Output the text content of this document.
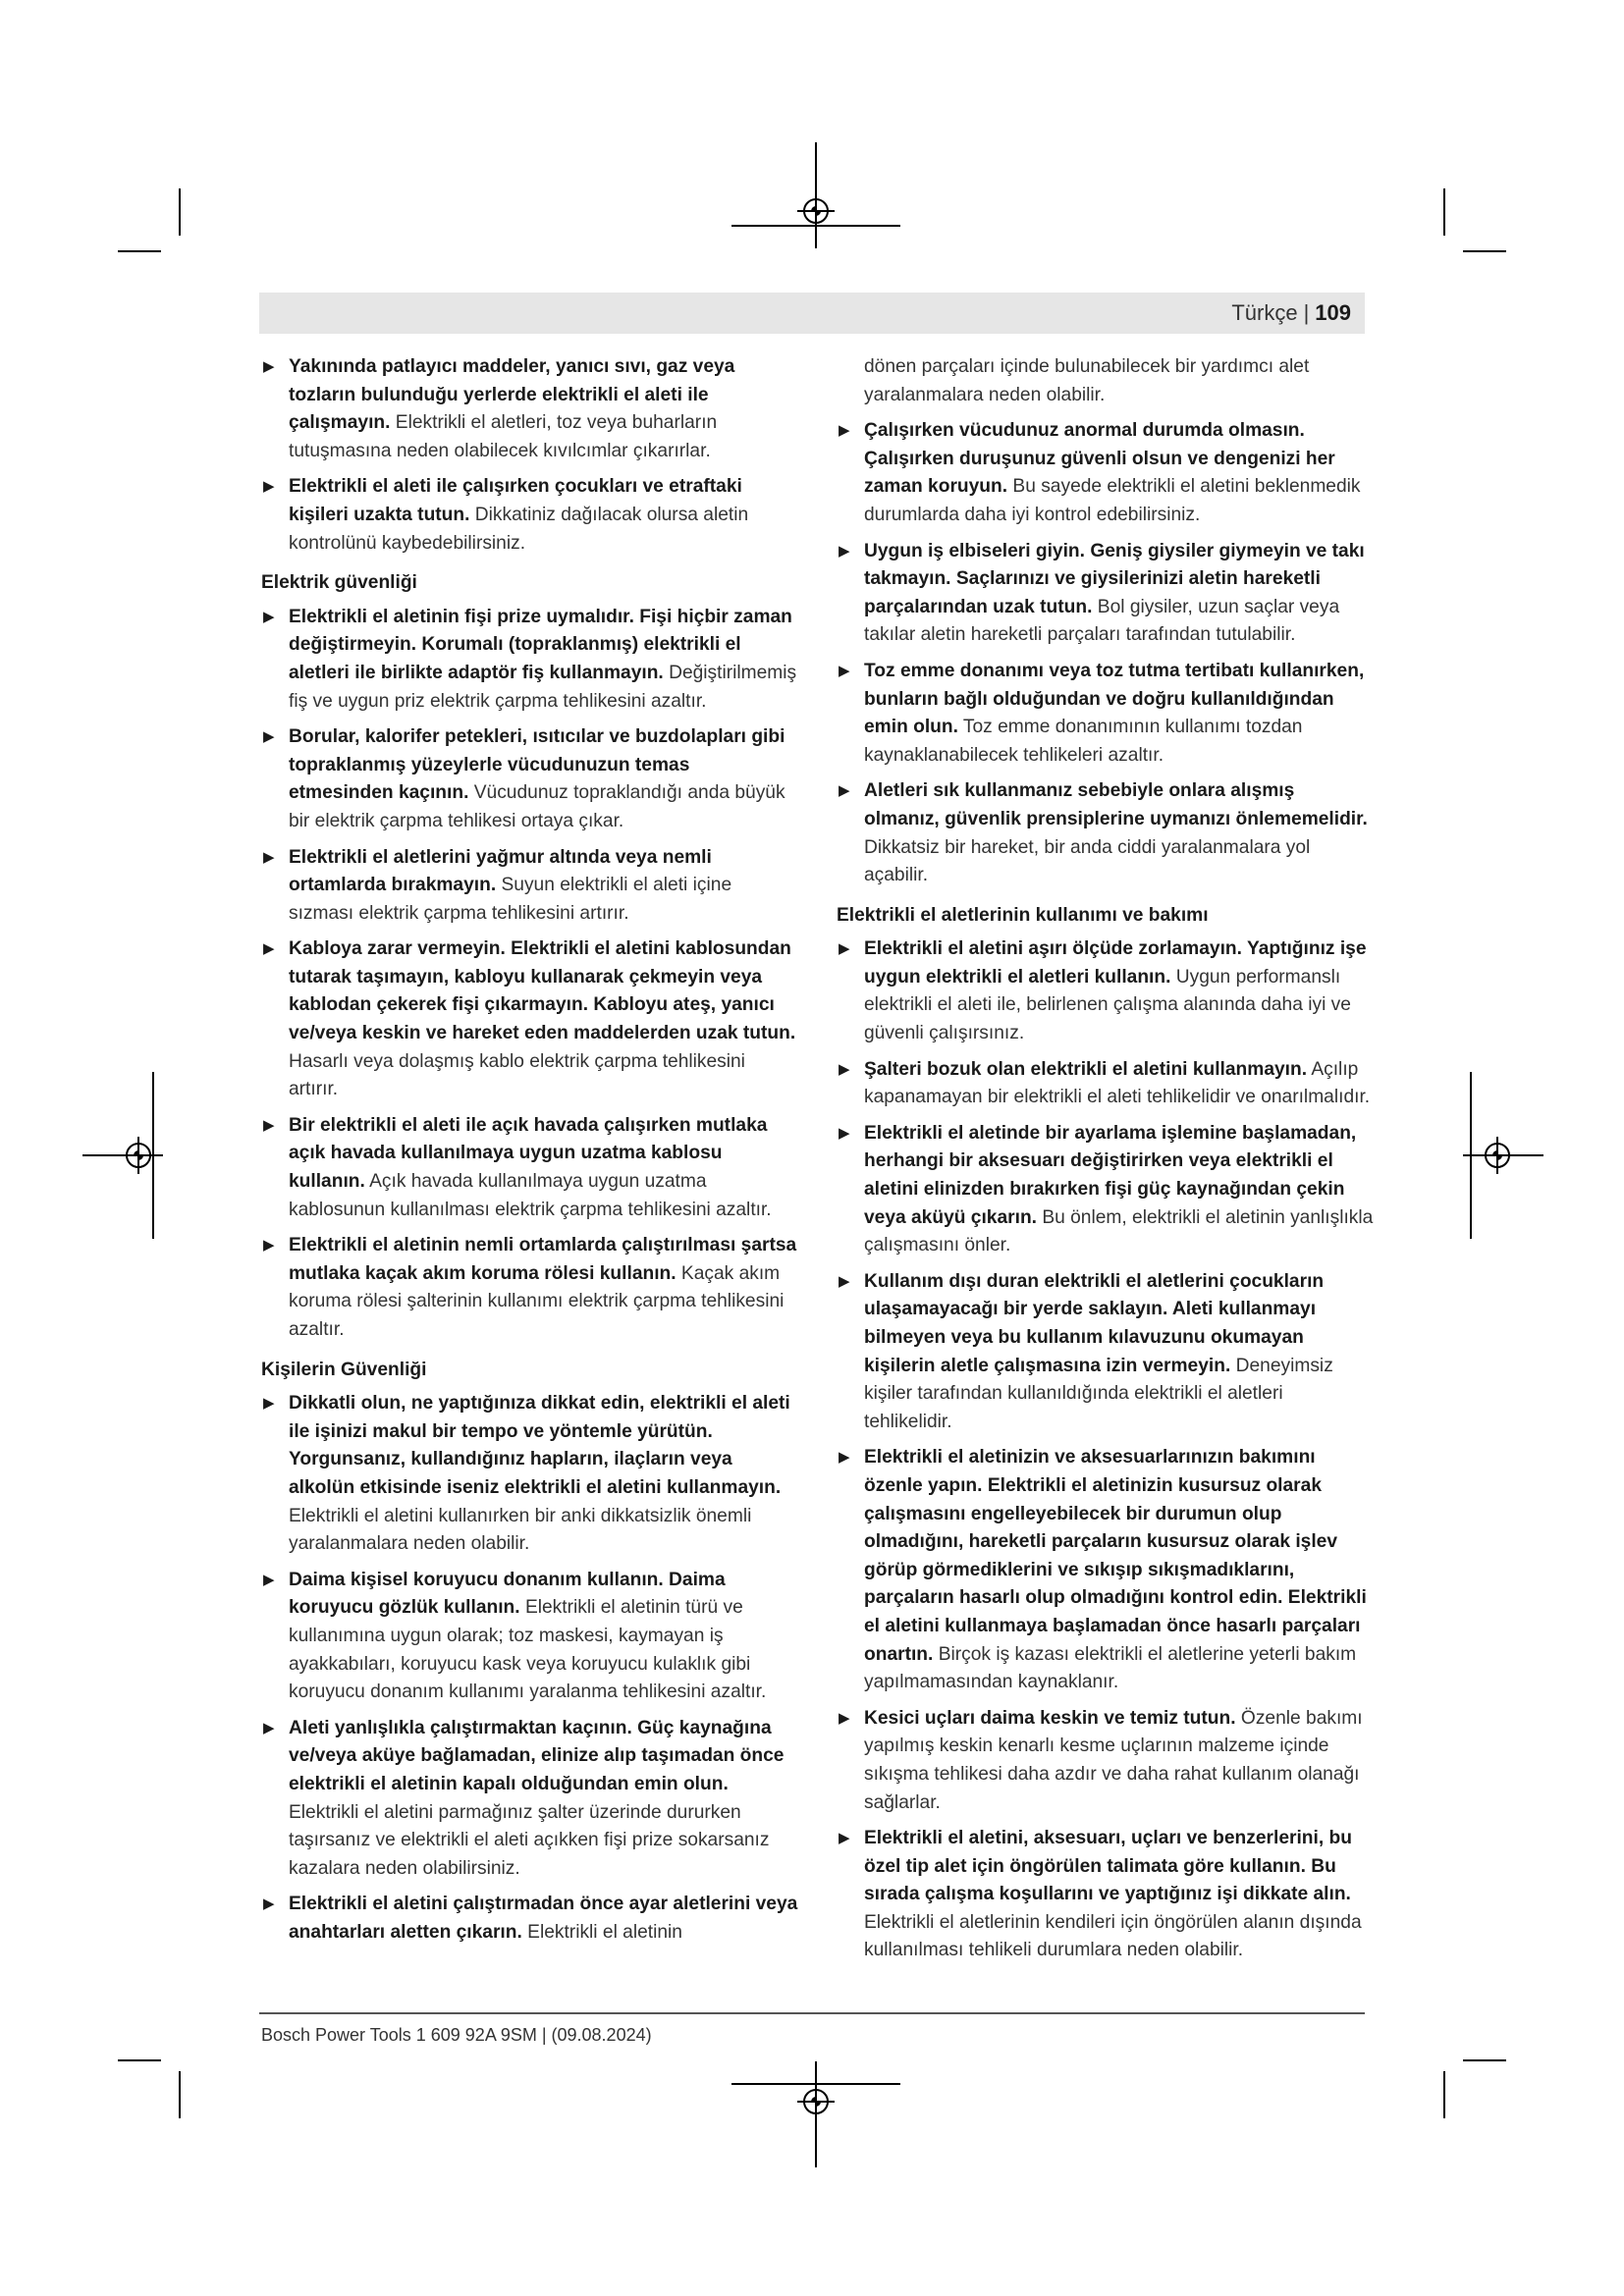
Türkçe | 109
▶ Yakınında patlayıcı maddeler, yanıcı sıvı, gaz veya tozların bulunduğu yerlerde elektrikli el aleti ile çalışmayın. Elektrikli el aletleri, toz veya buharların tutuşmasına neden olabilecek kıvılcımlar çıkarırlar.
▶ Elektrikli el aleti ile çalışırken çocukları ve etraftaki kişileri uzakta tutun. Dikkatiniz dağılacak olursa aletin kontrolünü kaybedebilirsiniz.
Elektrik güvenliği
▶ Elektrikli el aletinin fişi prize uymalıdır. Fişi hiçbir zaman değiştirmeyin. Korumalı (topraklanmış) elektrikli el aletleri ile birlikte adaptör fiş kullanmayın. Değiştirilmemiş fiş ve uygun priz elektrik çarpma tehlikesini azaltır.
▶ Borular, kalorifer petekleri, ısıtıcılar ve buzdolapları gibi topraklanmış yüzeylerle vücudunuzun temas etmesinden kaçının. Vücudunuz topraklandığı anda büyük bir elektrik çarpma tehlikesi ortaya çıkar.
▶ Elektrikli el aletlerini yağmur altında veya nemli ortamlarda bırakmayın. Suyun elektrikli el aleti içine sızması elektrik çarpma tehlikesini artırır.
▶ Kabloya zarar vermeyin. Elektrikli el aletini kablosundan tutarak taşımayın, kabloyu kullanarak çekmeyin veya kablodan çekerek fişi çıkarmayın. Kabloyu ateş, yanıcı ve/veya keskin ve hareket eden maddelerden uzak tutun. Hasarlı veya dolaşmış kablo elektrik çarpma tehlikesini artırır.
▶ Bir elektrikli el aleti ile açık havada çalışırken mutlaka açık havada kullanılmaya uygun uzatma kablosu kullanın. Açık havada kullanılmaya uygun uzatma kablosunun kullanılması elektrik çarpma tehlikesini azaltır.
▶ Elektrikli el aletinin nemli ortamlarda çalıştırılması şartsa mutlaka kaçak akım koruma rölesi kullanın. Kaçak akım koruma rölesi şalterinin kullanımı elektrik çarpma tehlikesini azaltır.
Kişilerin Güvenliği
▶ Dikkatli olun, ne yaptığınıza dikkat edin, elektrikli el aleti ile işinizi makul bir tempo ve yöntemle yürütün. Yorgunsanız, kullandığınız hapların, ilaçların veya alkolün etkisinde iseniz elektrikli el aletini kullanmayın. Elektrikli el aletini kullanırken bir anki dikkatsizlik önemli yaralanmalara neden olabilir.
▶ Daima kişisel koruyucu donanım kullanın. Daima koruyucu gözlük kullanın. Elektrikli el aletinin türü ve kullanımına uygun olarak; toz maskesi, kaymayan iş ayakkabıları, koruyucu kask veya koruyucu kulaklık gibi koruyucu donanım kullanımı yaralanma tehlikesini azaltır.
▶ Aleti yanlışlıkla çalıştırmaktan kaçının. Güç kaynağına ve/veya aküye bağlamadan, elinize alıp taşımadan önce elektrikli el aletinin kapalı olduğundan emin olun. Elektrikli el aletini parmağınız şalter üzerinde dururken taşırsanız ve elektrikli el aleti açıkken fişi prize sokarsanız kazalara neden olabilirsiniz.
▶ Elektrikli el aletini çalıştırmadan önce ayar aletlerini veya anahtarları aletten çıkarın. Elektrikli el aletinin
dönen parçaları içinde bulunabilecek bir yardımcı alet yaralanmalara neden olabilir.
▶ Çalışırken vücudunuz anormal durumda olmasın. Çalışırken duruşunuz güvenli olsun ve dengenizi her zaman koruyun. Bu sayede elektrikli el aletini beklenmedik durumlarda daha iyi kontrol edebilirsiniz.
▶ Uygun iş elbiseleri giyin. Geniş giysiler giymeyin ve takı takmayın. Saçlarınızı ve giysilerinizi aletin hareketli parçalarından uzak tutun. Bol giysiler, uzun saçlar veya takılar aletin hareketli parçaları tarafından tutulabilir.
▶ Toz emme donanımı veya toz tutma tertibatı kullanırken, bunların bağlı olduğundan ve doğru kullanıldığından emin olun. Toz emme donanımının kullanımı tozdan kaynaklanabilecek tehlikeleri azaltır.
▶ Aletleri sık kullanmanız sebebiyle onlara alışmış olmanız, güvenlik prensiplerine uymanızı önlememelidir. Dikkatsiz bir hareket, bir anda ciddi yaralanmalara yol açabilir.
Elektrikli el aletlerinin kullanımı ve bakımı
▶ Elektrikli el aletini aşırı ölçüde zorlamayın. Yaptığınız işe uygun elektrikli el aletleri kullanın. Uygun performanslı elektrikli el aleti ile, belirlenen çalışma alanında daha iyi ve güvenli çalışırsınız.
▶ Şalteri bozuk olan elektrikli el aletini kullanmayın. Açılıp kapanamayan bir elektrikli el aleti tehlikelidir ve onarılmalıdır.
▶ Elektrikli el aletinde bir ayarlama işlemine başlamadan, herhangi bir aksesuarı değiştirirken veya elektrikli el aletini elinizden bırakırken fişi güç kaynağından çekin veya aküyü çıkarın. Bu önlem, elektrikli el aletinin yanlışlıkla çalışmasını önler.
▶ Kullanım dışı duran elektrikli el aletlerini çocukların ulaşamayacağı bir yerde saklayın. Aleti kullanmayı bilmeyen veya bu kullanım kılavuzunu okumayan kişilerin aletle çalışmasına izin vermeyin. Deneyimsiz kişiler tarafından kullanıldığında elektrikli el aletleri tehlikelidir.
▶ Elektrikli el aletinizin ve aksesuarlarınızın bakımını özenle yapın. Elektrikli el aletinizin kusursuz olarak çalışmasını engelleyebilecek bir durumun olup olmadığını, hareketli parçaların kusursuz olarak işlev görüp görmediklerini ve sıkışıp sıkışmadıklarını, parçaların hasarlı olup olmadığını kontrol edin. Elektrikli el aletini kullanmaya başlamadan önce hasarlı parçaları onartın. Birçok iş kazası elektrikli el aletlerine yeterli bakım yapılmamasından kaynaklanır.
▶ Kesici uçları daima keskin ve temiz tutun. Özenle bakımı yapılmış keskin kenarlı kesme uçlarının malzeme içinde sıkışma tehlikesi daha azdır ve daha rahat kullanım olanağı sağlarlar.
▶ Elektrikli el aletini, aksesuarı, uçları ve benzerlerini, bu özel tip alet için öngörülen talimata göre kullanın. Bu sırada çalışma koşullarını ve yaptığınız işi dikkate alın. Elektrikli el aletlerinin kendileri için öngörülen alanın dışında kullanılması tehlikeli durumlara neden olabilir.
Bosch Power Tools 1 609 92A 9SM | (09.08.2024)
